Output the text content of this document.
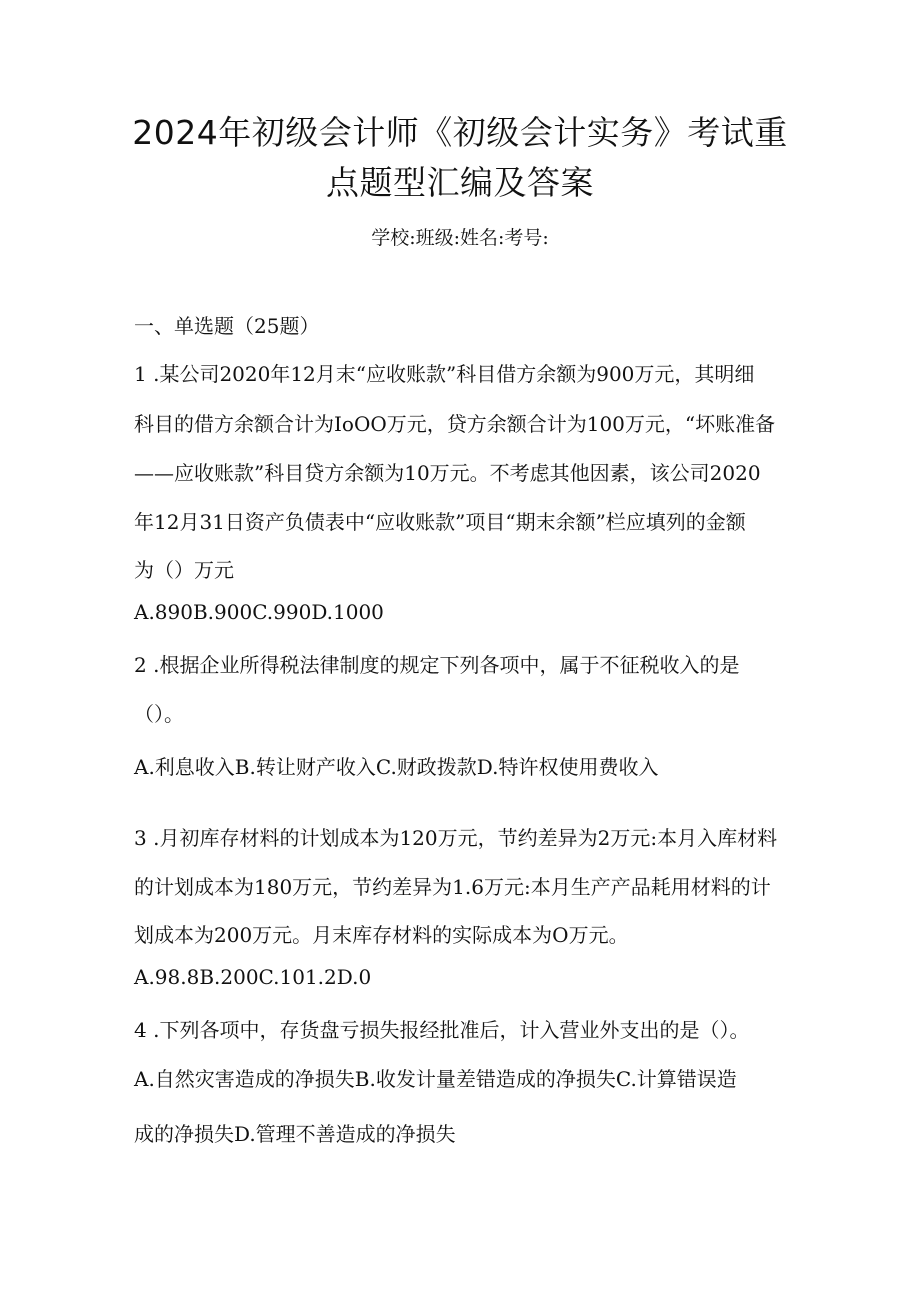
2024年初级会计师《初级会计实务》考试重
点题型汇编及答案
学校:班级:姓名:考号:
一、单选题（25题）
1 .某公司2020年12月末“应收账款”科目借方余额为900万元，其明细
科目的借方余额合计为IoOO万元，贷方余额合计为100万元，“坏账准备
——应收账款”科目贷方余额为10万元。不考虑其他因素，该公司2020
年12月31日资产负债表中“应收账款”项目“期末余额”栏应填列的金额
为（）万元
A.890B.900C.990D.1000
2 .根据企业所得税法律制度的规定下列各项中，属于不征税收入的是
（）。
A.利息收入B.转让财产收入C.财政拨款D.特许权使用费收入
3 .月初库存材料的计划成本为120万元，节约差异为2万元:本月入库材料
的计划成本为180万元，节约差异为1.6万元:本月生产产品耗用材料的计
划成本为200万元。月末库存材料的实际成本为O万元。
A.98.8B.200C.101.2D.0
4 .下列各项中，存货盘亏损失报经批准后，计入营业外支出的是（）。
A.自然灾害造成的净损失B.收发计量差错造成的净损失C.计算错误造
成的净损失D.管理不善造成的净损失
